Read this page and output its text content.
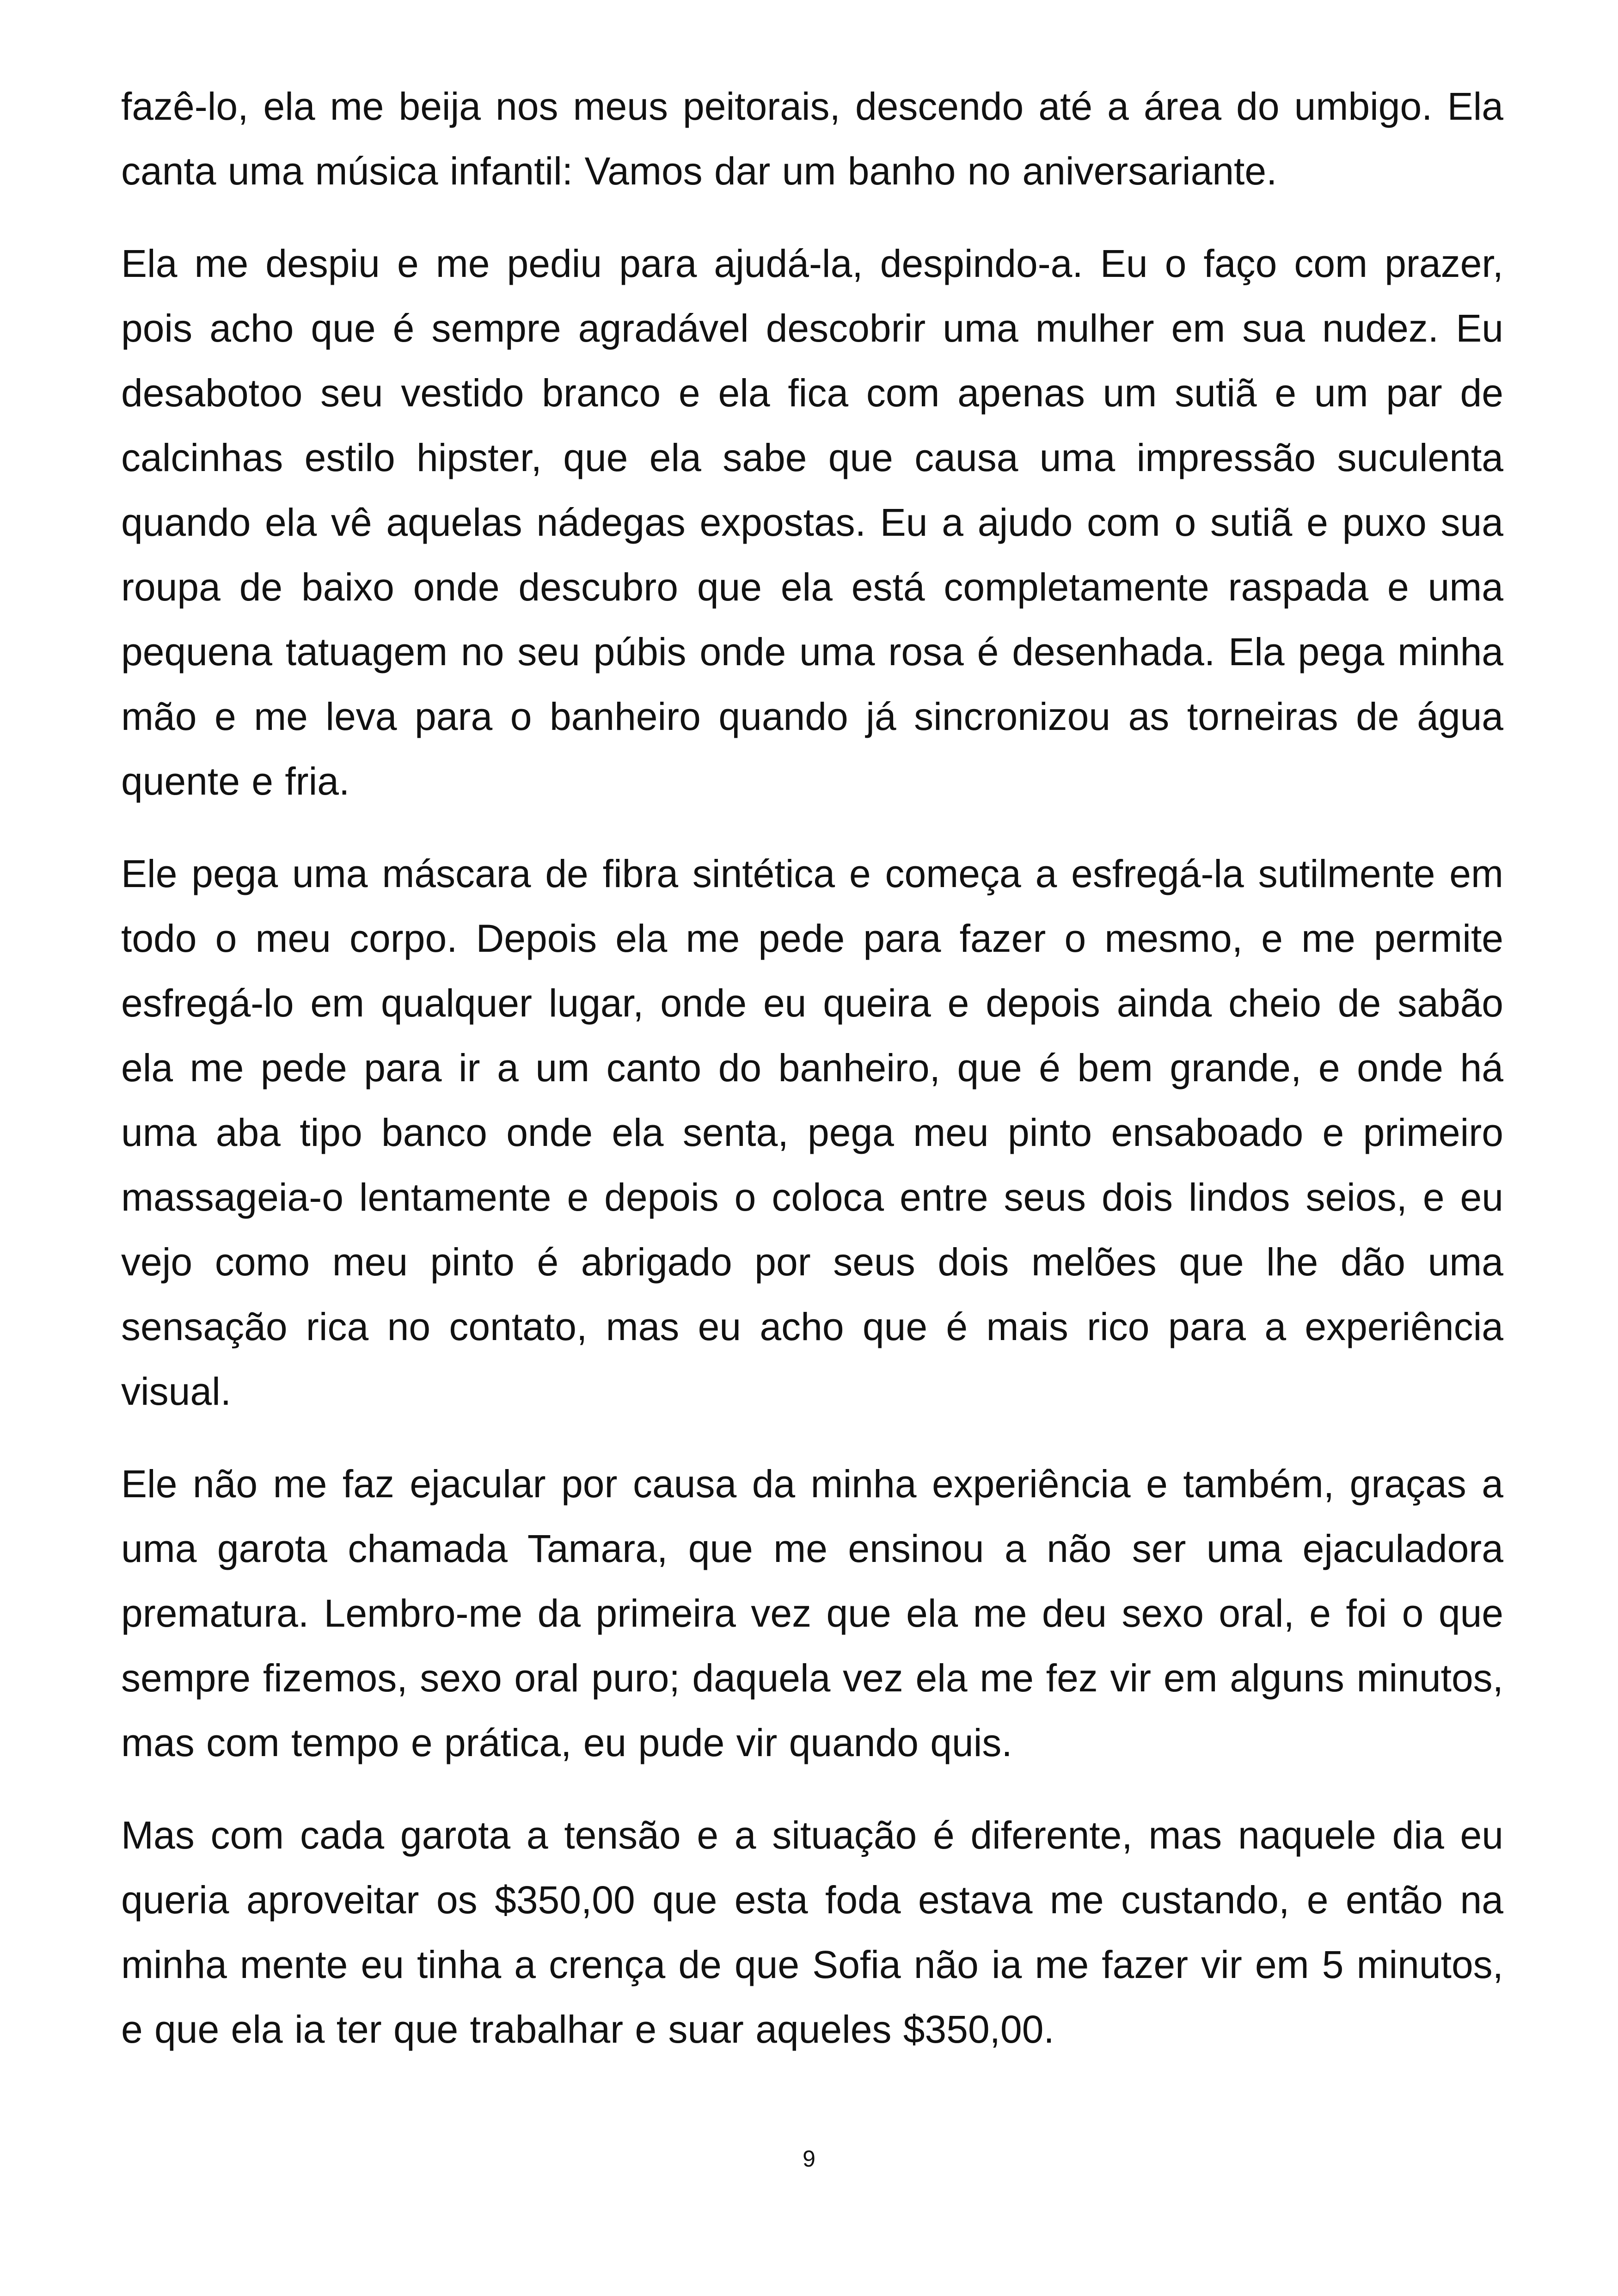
fazê-lo, ela me beija nos meus peitorais, descendo até a área do umbigo. Ela canta uma música infantil: Vamos dar um banho no aniversariante.

Ela me despiu e me pediu para ajudá-la, despindo-a. Eu o faço com prazer, pois acho que é sempre agradável descobrir uma mulher em sua nudez. Eu desabotoo seu vestido branco e ela fica com apenas um sutiã e um par de calcinhas estilo hipster, que ela sabe que causa uma impressão suculenta quando ela vê aquelas nádegas expostas. Eu a ajudo com o sutiã e puxo sua roupa de baixo onde descubro que ela está completamente raspada e uma pequena tatuagem no seu púbis onde uma rosa é desenhada. Ela pega minha mão e me leva para o banheiro quando já sincronizou as torneiras de água quente e fria.

Ele pega uma máscara de fibra sintética e começa a esfregá-la sutilmente em todo o meu corpo. Depois ela me pede para fazer o mesmo, e me permite esfregá-lo em qualquer lugar, onde eu queira e depois ainda cheio de sabão ela me pede para ir a um canto do banheiro, que é bem grande, e onde há uma aba tipo banco onde ela senta, pega meu pinto ensaboado e primeiro massageia-o lentamente e depois o coloca entre seus dois lindos seios, e eu vejo como meu pinto é abrigado por seus dois melões que lhe dão uma sensação rica no contato, mas eu acho que é mais rico para a experiência visual.

Ele não me faz ejacular por causa da minha experiência e também, graças a uma garota chamada Tamara, que me ensinou a não ser uma ejaculadora prematura. Lembro-me da primeira vez que ela me deu sexo oral, e foi o que sempre fizemos, sexo oral puro; daquela vez ela me fez vir em alguns minutos, mas com tempo e prática, eu pude vir quando quis.

Mas com cada garota a tensão e a situação é diferente, mas naquele dia eu queria aproveitar os $350,00 que esta foda estava me custando, e então na minha mente eu tinha a crença de que Sofia não ia me fazer vir em 5 minutos, e que ela ia ter que trabalhar e suar aqueles $350,00.

9
